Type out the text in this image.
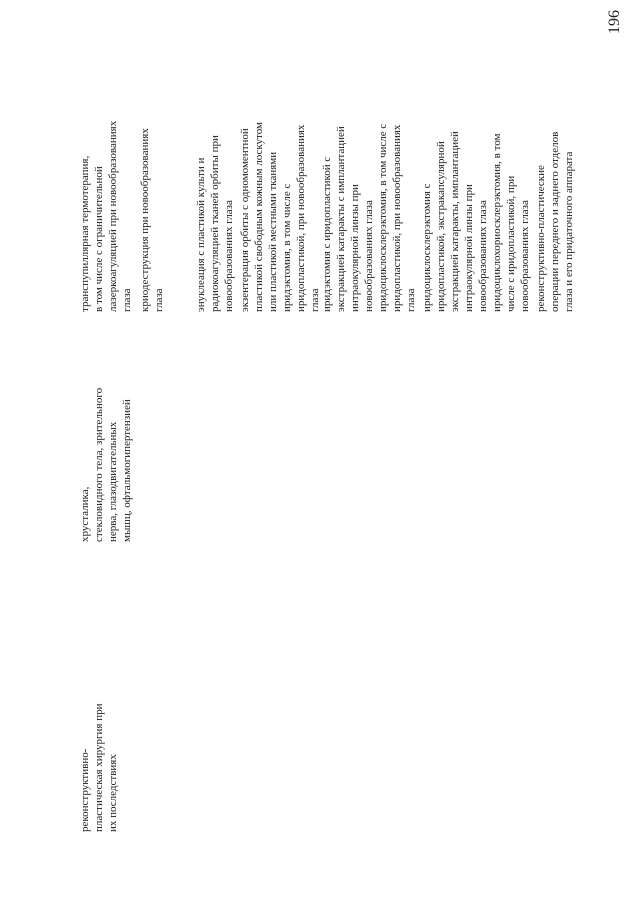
196
реконструктивно- пластическая хирургия при их последствиях
хрусталика, стекловидного тела, зрительного нерва, глазодвигательных мышц, офтальмогипертензией
транспупиллярная термотерапия, в том числе с ограничительной лазеркоагуляцией при новообразованиях глаза криодеструкция при новообразованиях глаза	энуклеация с пластикой культи и радиокоагуляцией тканей орбиты при новообразованиях глаза экзентерация орбиты с одномоментной пластикой свободным кожным лоскутом или пластикой местными тканями иридэктомия, в том числе с иридопластикой, при новообразованиях глаза иридэктомия с иридопластикой с экстракцией катаракты с имплантацией интраокулярной линзы при новообразованиях глаза иридоциклосклерэктомия, в том числе с иридопластикой, при новообразованиях глаза иридоциклосклерэктомия с иридопластикой, экстракапсулярной экстракцией катаракты, имплантацией интраокулярной линзы при новообразованиях глаза иридоциклохориосклерэктомия, в том числе с иридопластикой, при новообразованиях глаза реконструктивно-пластические операции переднего и заднего отделов глаза и его придаточного аппарата
